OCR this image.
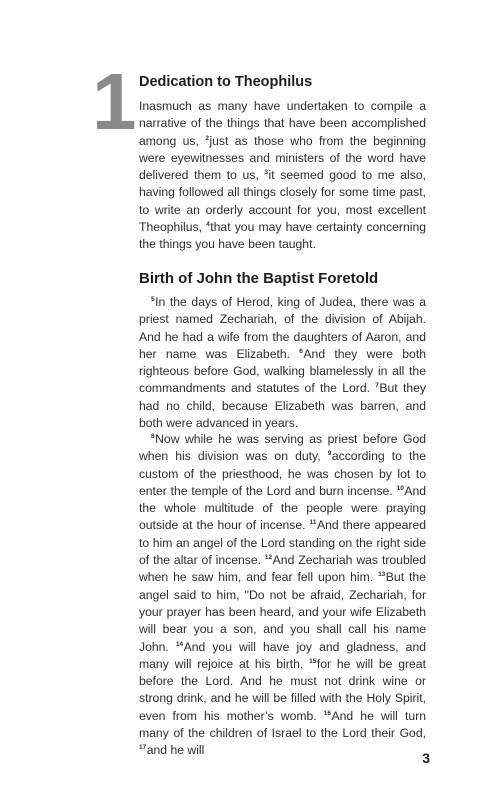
1 Dedication to Theophilus

Inasmuch as many have undertaken to compile a narrative of the things that have been accomplished among us, $^2$just as those who from the beginning were eyewitnesses and ministers of the word have delivered them to us, $^3$it seemed good to me also, having followed all things closely for some time past, to write an orderly account for you, most excellent Theophilus, $^4$that you may have certainty concerning the things you have been taught.

Birth of John the Baptist Foretold

$^5$In the days of Herod, king of Judea, there was a priest named Zechariah, of the division of Abijah. And he had a wife from the daughters of Aaron, and her name was Elizabeth. $^6$And they were both righteous before God, walking blamelessly in all the commandments and statutes of the Lord. $^7$But they had no child, because Elizabeth was barren, and both were advanced in years.

$^8$Now while he was serving as priest before God when his division was on duty, $^9$according to the custom of the priesthood, he was chosen by lot to enter the temple of the Lord and burn incense. $^{10}$And the whole multitude of the people were praying outside at the hour of incense. $^{11}$And there appeared to him an angel of the Lord standing on the right side of the altar of incense. $^{12}$And Zechariah was troubled when he saw him, and fear fell upon him. $^{13}$But the angel said to him, "Do not be afraid, Zechariah, for your prayer has been heard, and your wife Elizabeth will bear you a son, and you shall call his name John. $^{14}$And you will have joy and gladness, and many will rejoice at his birth, $^{15}$for he will be great before the Lord. And he must not drink wine or strong drink, and he will be filled with the Holy Spirit, even from his mother’s womb. $^{16}$And he will turn many of the children of Israel to the Lord their God, $^{17}$and he will	3
